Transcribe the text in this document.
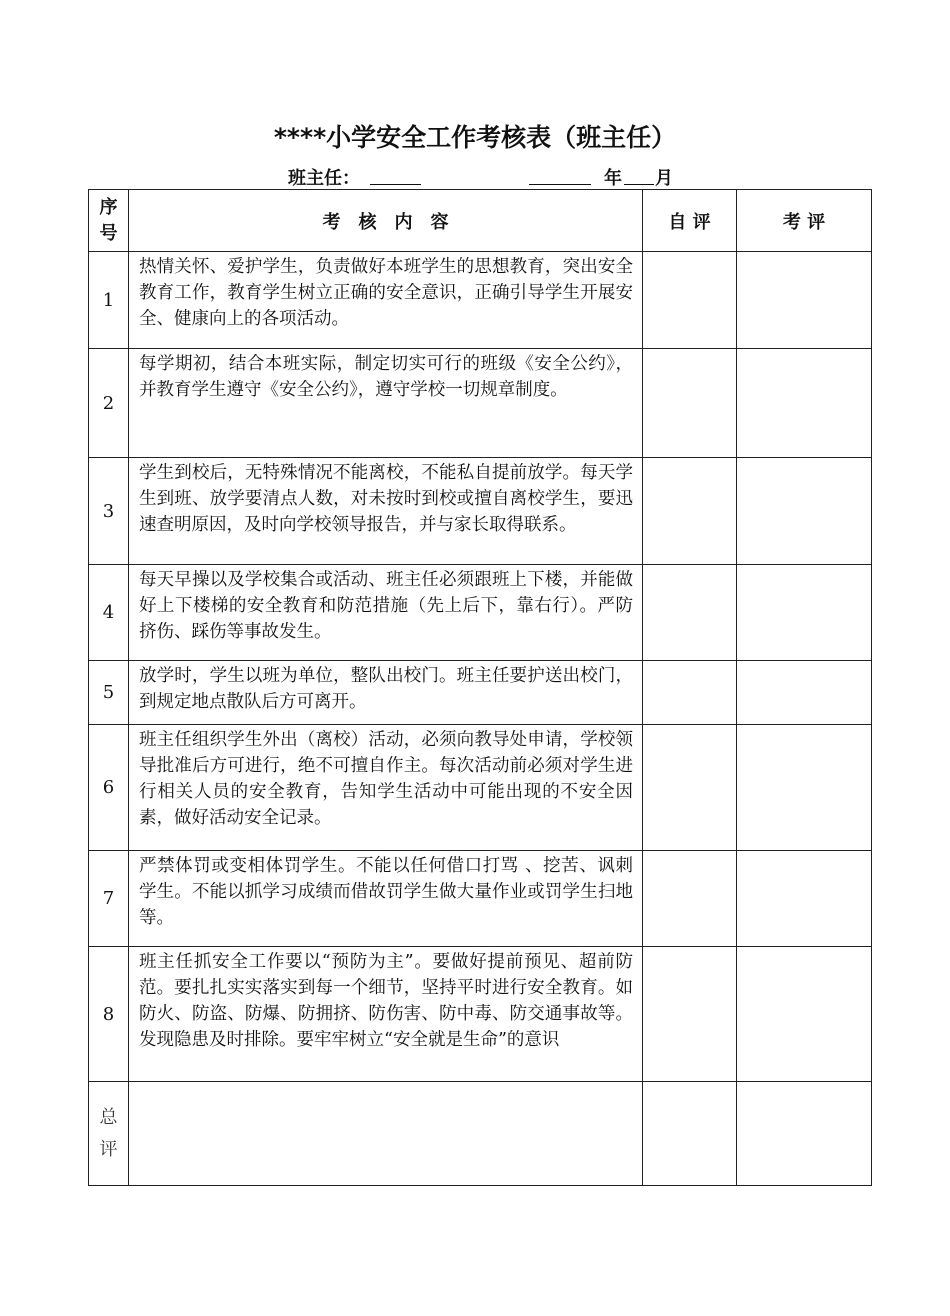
****小学安全工作考核表（班主任）
班主任：	年 月
序
号	考　核　内　容	自 评	考 评
1	热情关怀、爱护学生，负责做好本班学生的思想教育，突出安全教育工作，教育学生树立正确的安全意识，正确引导学生开展安全、健康向上的各项活动。		
2	每学期初，结合本班实际，制定切实可行的班级《安全公约》，并教育学生遵守《安全公约》，遵守学校一切规章制度。		
3	学生到校后，无特殊情况不能离校，不能私自提前放学。每天学生到班、放学要清点人数，对未按时到校或擅自离校学生，要迅速查明原因，及时向学校领导报告，并与家长取得联系。		
4	每天早操以及学校集合或活动、班主任必须跟班上下楼，并能做好上下楼梯的安全教育和防范措施（先上后下，靠右行）。严防挤伤、踩伤等事故发生。		
5	放学时，学生以班为单位，整队出校门。班主任要护送出校门，到规定地点散队后方可离开。		
6	班主任组织学生外出（离校）活动，必须向教导处申请，学校领导批准后方可进行，绝不可擅自作主。每次活动前必须对学生进行相关人员的安全教育，告知学生活动中可能出现的不安全因素，做好活动安全记录。		
7	严禁体罚或变相体罚学生。不能以任何借口打骂 、挖苦、讽刺学生。不能以抓学习成绩而借故罚学生做大量作业或罚学生扫地等。		
8	班主任抓安全工作要以“预防为主”。要做好提前预见、超前防范。要扎扎实实落实到每一个细节，坚持平时进行安全教育。如防火、防盗、防爆、防拥挤、防伤害、防中毒、防交通事故等。发现隐患及时排除。要牢牢树立“安全就是生命”的意识		

总
评			
